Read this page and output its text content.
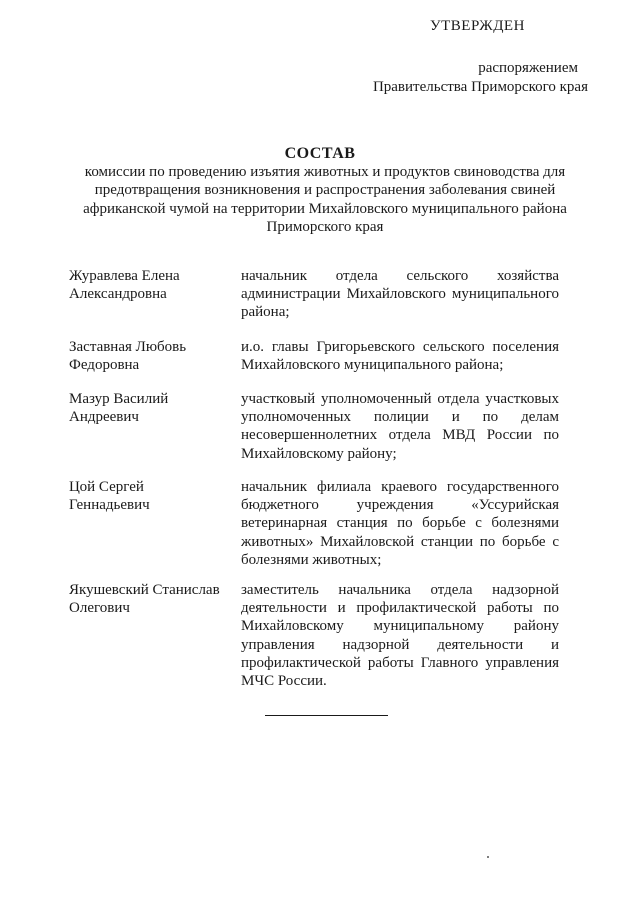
УТВЕРЖДЕН
распоряжением
Правительства Приморского края
СОСТАВ
комиссии по проведению изъятия животных и продуктов свиноводства для
предотвращения возникновения и распространения заболевания свиней
африканской чумой на территории Михайловского муниципального района
Приморского края
Журавлева Елена
Александровна
начальник отдела сельского хозяйства
администрации Михайловского муниципального
района;
Заставная Любовь
Федоровна
и.о. главы Григорьевского сельского поселения
Михайловского муниципального района;
Мазур Василий
Андреевич
участковый уполномоченный отдела участковых
уполномоченных полиции и по делам
несовершеннолетних отдела МВД России по
Михайловскому району;
Цой Сергей
Геннадьевич
начальник филиала краевого государственного
бюджетного учреждения «Уссурийская
ветеринарная станция по борьбе с болезнями
животных» Михайловской станции по борьбе с
болезнями животных;
Якушевский Станислав
Олегович
заместитель начальника отдела надзорной
деятельности и профилактической работы по
Михайловскому муниципальному району
управления надзорной деятельности и
профилактической работы Главного управления
МЧС России.
